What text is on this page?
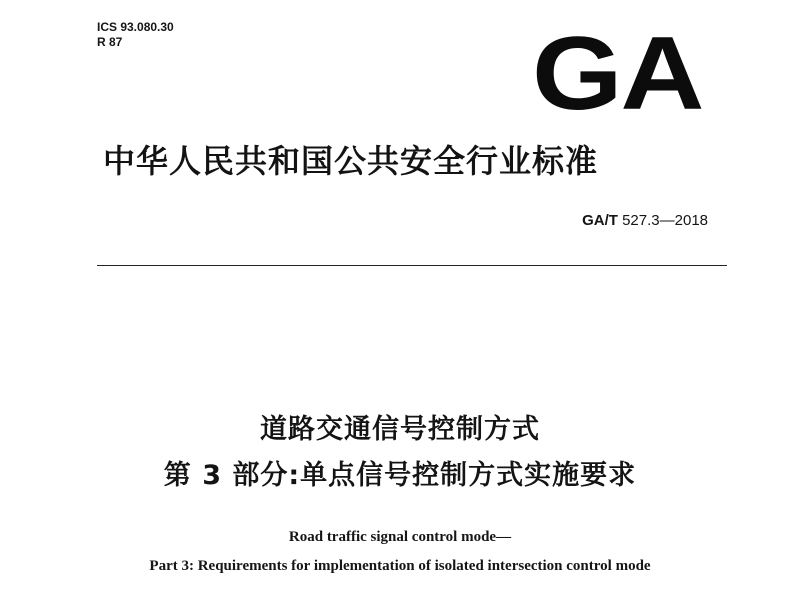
ICS 93.080.30
R 87	GA
中华人民共和国公共安全行业标准
GA/T 527.3—2018
道路交通信号控制方式
第 3 部分:单点信号控制方式实施要求
Road traffic signal control mode—
Part 3: Requirements for implementation of isolated intersection control mode
